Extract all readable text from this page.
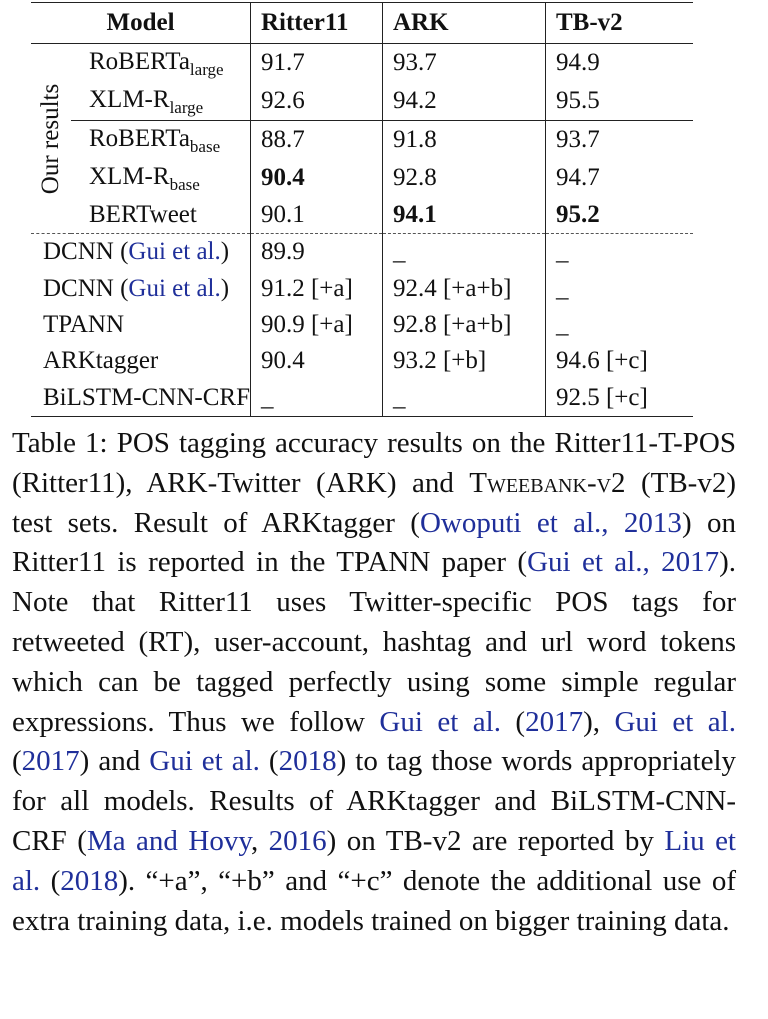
Model		Ritter11	ARK	TB-v2

Our results	RoBERTa$_{large}$	91.7	93.7	94.9
	XLM-$R_{large}$	92.6	94.2	95.5
	RoBERTa$_{base}$	88.7	91.8	93.7
	XLM-$R_{base}$	90.4	92.8	94.7
	BERTweet	90.1	94.1	95.2
DCNN (Gui et al.)		89.9	_	_
DCNN (Gui et al.)		91.2 [+a]	92.4 [+a+b]	_
TPANN		90.9 [+a]	92.8 [+a+b]	_
ARKtagger		90.4	93.2 [+b]	94.6 [+c]
BiLSTM-CNN-CRF		_	_	92.5 [+c]
Table 1: POS tagging accuracy results on the Ritter11-T-POS (Ritter11), ARK-Twitter (ARK) and Tweebank-v2 (TB-v2) test sets. Result of ARKtagger (Owoputi et al., 2013) on Ritter11 is reported in the TPANN paper (Gui et al., 2017). Note that Ritter11 uses Twitter-specific POS tags for retweeted (RT), user-account, hashtag and url word tokens which can be tagged perfectly using some simple regular expressions. Thus we follow Gui et al. (2017), Gui et al. (2017) and Gui et al. (2018) to tag those words appropriately for all models. Results of ARKtagger and BiLSTM-CNN-CRF (Ma and Hovy, 2016) on TB-v2 are reported by Liu et al. (2018). “+a”, “+b” and “+c” denote the additional use of extra training data, i.e. models trained on bigger training data.
